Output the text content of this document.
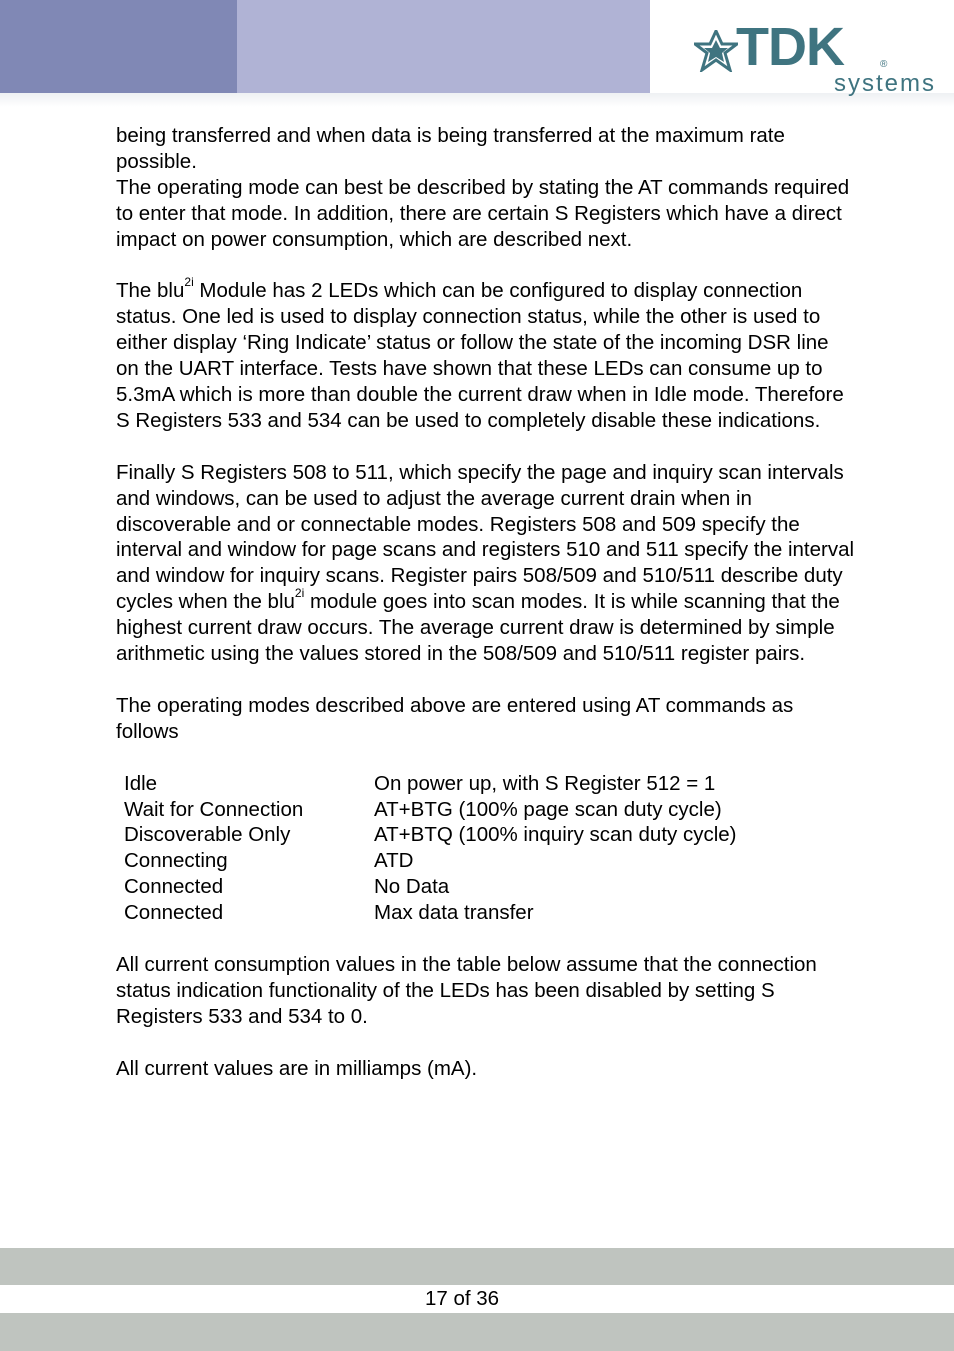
TDK	®
systems

being transferred and when data is being transferred at the maximum rate possible.

The operating mode can best be described by stating the AT commands required to enter that mode. In addition, there are certain S Registers which have a direct impact on power consumption, which are described next.

The blu$^{2i}$ Module has 2 LEDs which can be configured to display connection status. One led is used to display connection status, while the other is used to either display ‘Ring Indicate’ status or follow the state of the incoming DSR line on the UART interface. Tests have shown that these LEDs can consume up to 5.3mA which is more than double the current draw when in Idle mode. Therefore S Registers 533 and 534 can be used to completely disable these indications.

Finally S Registers 508 to 511, which specify the page and inquiry scan intervals and windows, can be used to adjust the average current drain when in discoverable and or connectable modes. Registers 508 and 509 specify the interval and window for page scans and registers 510 and 511 specify the interval and window for inquiry scans. Register pairs 508/509 and 510/511 describe duty cycles when the blu$^{2i}$ module goes into scan modes. It is while scanning that the highest current draw occurs. The average current draw is determined by simple arithmetic using the values stored in the 508/509 and 510/511 register pairs.

The operating modes described above are entered using AT commands as follows

Idle	On power up, with S Register 512 = 1
Wait for Connection	AT+BTG (100% page scan duty cycle)
Discoverable Only	AT+BTQ (100% inquiry scan duty cycle)
Connecting	ATD
Connected	No Data
Connected	Max data transfer

All current consumption values in the table below assume that the connection status indication functionality of the LEDs has been disabled by setting S Registers 533 and 534 to 0.

All current values are in milliamps (mA).

17 of 36
